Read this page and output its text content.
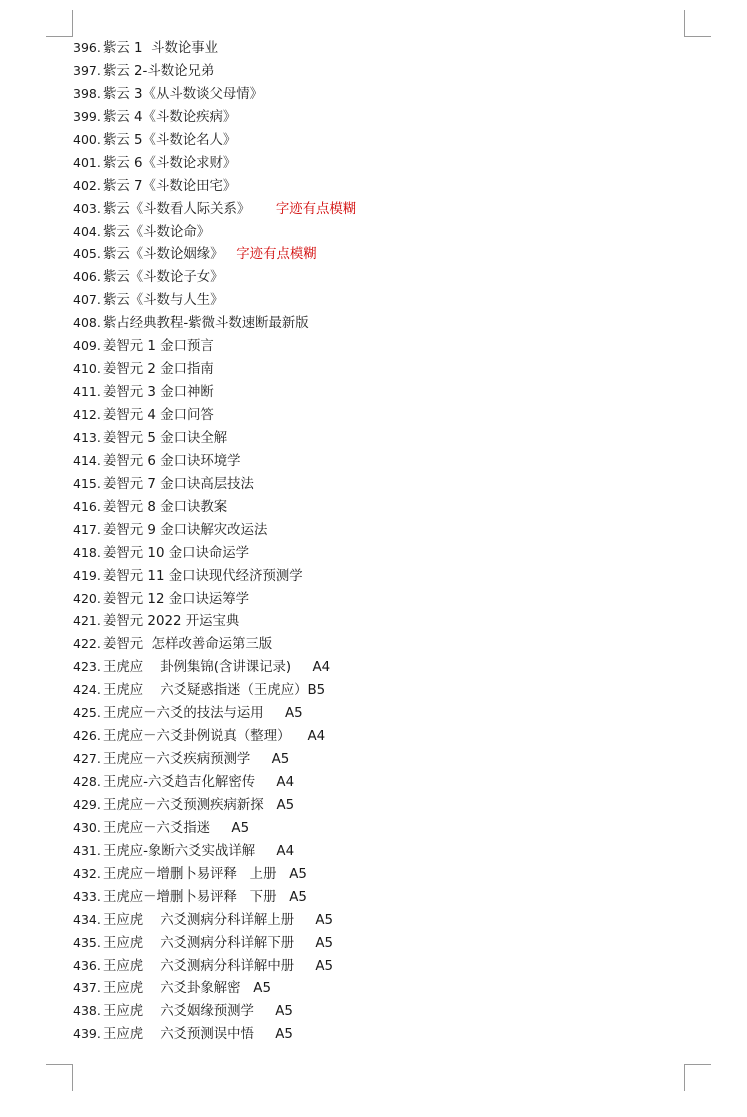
396. 紫云 1  斗数论事业
397. 紫云 2-斗数论兄弟
398. 紫云 3《从斗数谈父母情》
399. 紫云 4《斗数论疾病》
400. 紫云 5《斗数论名人》
401. 紫云 6《斗数论求财》
402. 紫云 7《斗数论田宅》
403. 紫云《斗数看人际关系》      字迹有点模糊
404. 紫云《斗数论命》
405. 紫云《斗数论姻缘》   字迹有点模糊
406. 紫云《斗数论子女》
407. 紫云《斗数与人生》
408. 紫占经典教程-紫微斗数速断最新版
409. 姜智元 1 金口预言
410. 姜智元 2 金口指南
411. 姜智元 3 金口神断
412. 姜智元 4 金口问答
413. 姜智元 5 金口诀全解
414. 姜智元 6 金口诀环境学
415. 姜智元 7 金口诀高层技法
416. 姜智元 8 金口诀教案
417. 姜智元 9 金口诀解灾改运法
418. 姜智元 10 金口诀命运学
419. 姜智元 11 金口诀现代经济预测学
420. 姜智元 12 金口诀运筹学
421. 姜智元 2022 开运宝典
422. 姜智元  怎样改善命运第三版
423. 王虎应    卦例集锦(含讲课记录)     A4
424. 王虎应    六爻疑惑指迷（王虎应）B5
425. 王虎应－六爻的技法与运用     A5
426. 王虎应－六爻卦例说真（整理）    A4
427. 王虎应－六爻疾病预测学     A5
428. 王虎应-六爻趋吉化解密传     A4
429. 王虎应－六爻预测疾病新探   A5
430. 王虎应－六爻指迷     A5
431. 王虎应-象断六爻实战详解     A4
432. 王虎应－增删卜易评释   上册   A5
433. 王虎应－增删卜易评释   下册   A5
434. 王应虎    六爻测病分科详解上册     A5
435. 王应虎    六爻测病分科详解下册     A5
436. 王应虎    六爻测病分科详解中册     A5
437. 王应虎    六爻卦象解密   A5
438. 王应虎    六爻姻缘预测学     A5
439. 王应虎    六爻预测误中悟     A5
